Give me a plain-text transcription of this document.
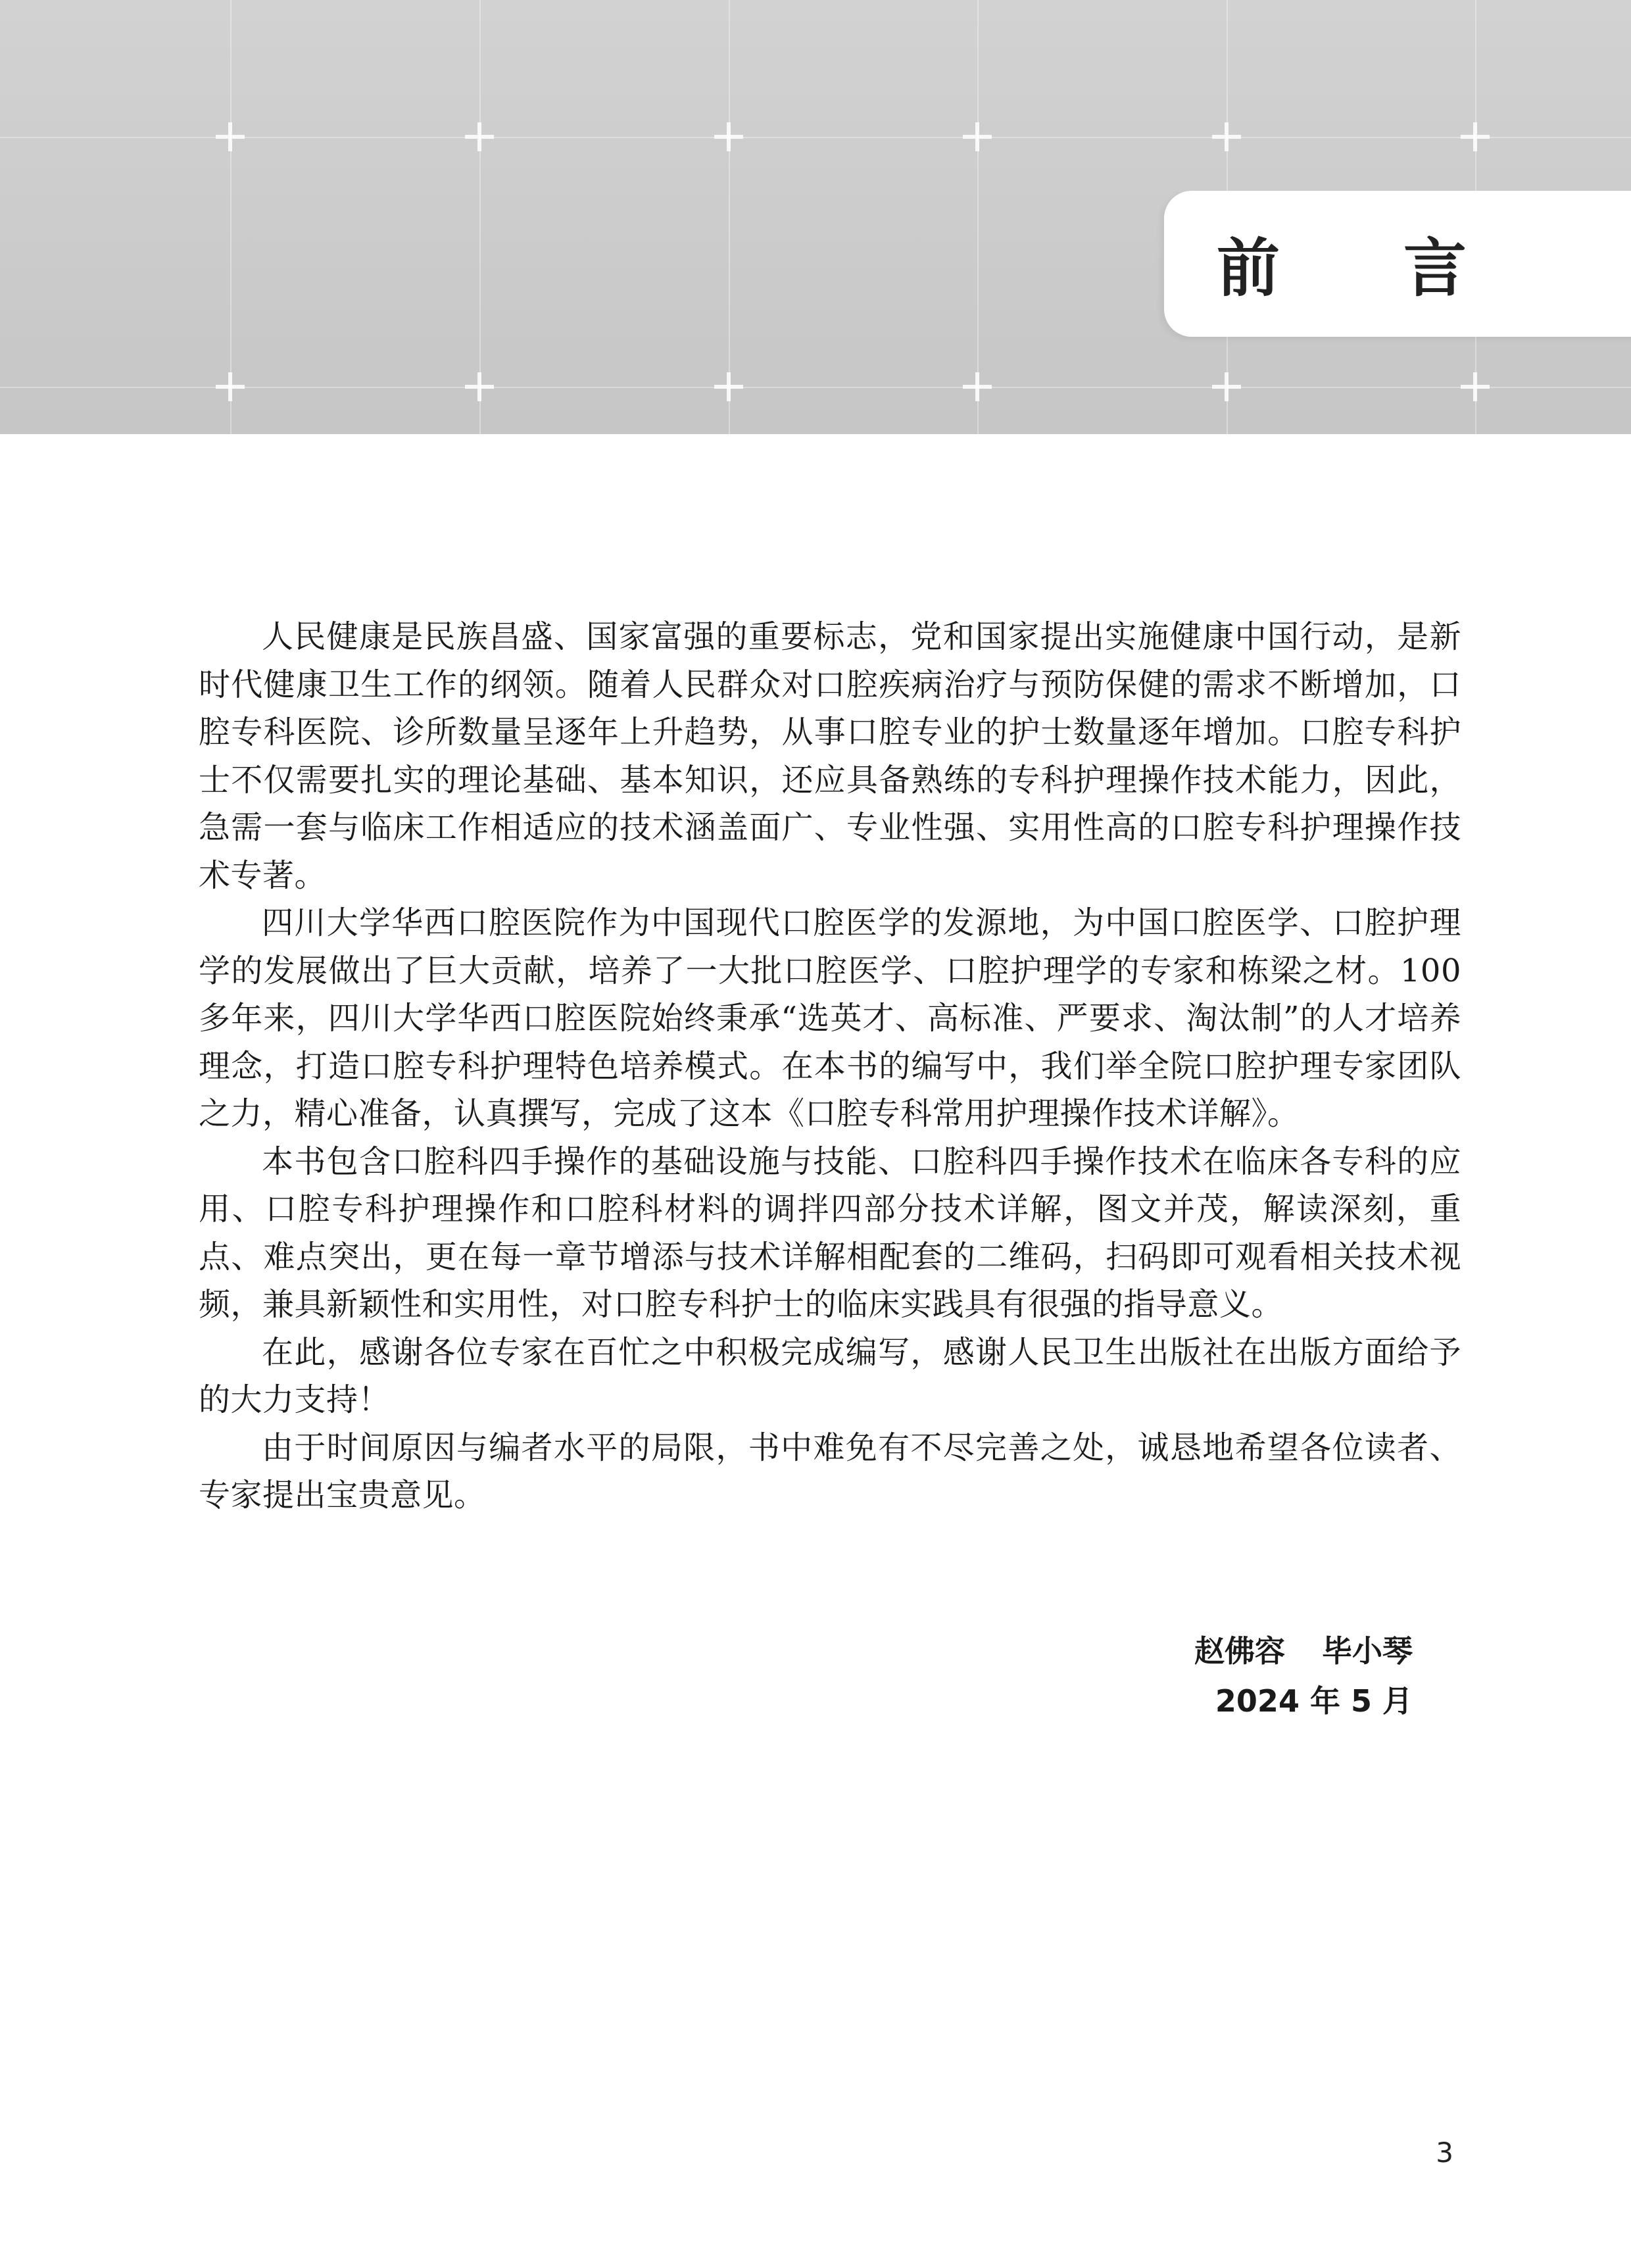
前 言

人民健康是民族昌盛、国家富强的重要标志，党和国家提出实施健康中国行动，是新时代健康卫生工作的纲领。随着人民群众对口腔疾病治疗与预防保健的需求不断增加，口腔专科医院、诊所数量呈逐年上升趋势，从事口腔专业的护士数量逐年增加。口腔专科护士不仅需要扎实的理论基础、基本知识，还应具备熟练的专科护理操作技术能力，因此，急需一套与临床工作相适应的技术涵盖面广、专业性强、实用性高的口腔专科护理操作技术专著。

四川大学华西口腔医院作为中国现代口腔医学的发源地，为中国口腔医学、口腔护理学的发展做出了巨大贡献，培养了一大批口腔医学、口腔护理学的专家和栋梁之材。100多年来，四川大学华西口腔医院始终秉承“选英才、高标准、严要求、淘汰制”的人才培养理念，打造口腔专科护理特色培养模式。在本书的编写中，我们举全院口腔护理专家团队之力，精心准备，认真撰写，完成了这本《口腔专科常用护理操作技术详解》。

本书包含口腔科四手操作的基础设施与技能、口腔科四手操作技术在临床各专科的应用、口腔专科护理操作和口腔科材料的调拌四部分技术详解，图文并茂，解读深刻，重点、难点突出，更在每一章节增添与技术详解相配套的二维码，扫码即可观看相关技术视频，兼具新颖性和实用性，对口腔专科护士的临床实践具有很强的指导意义。

在此，感谢各位专家在百忙之中积极完成编写，感谢人民卫生出版社在出版方面给予的大力支持！

由于时间原因与编者水平的局限，书中难免有不尽完善之处，诚恳地希望各位读者、专家提出宝贵意见。

赵佛容 毕小琴
2024 年 5 月
3
